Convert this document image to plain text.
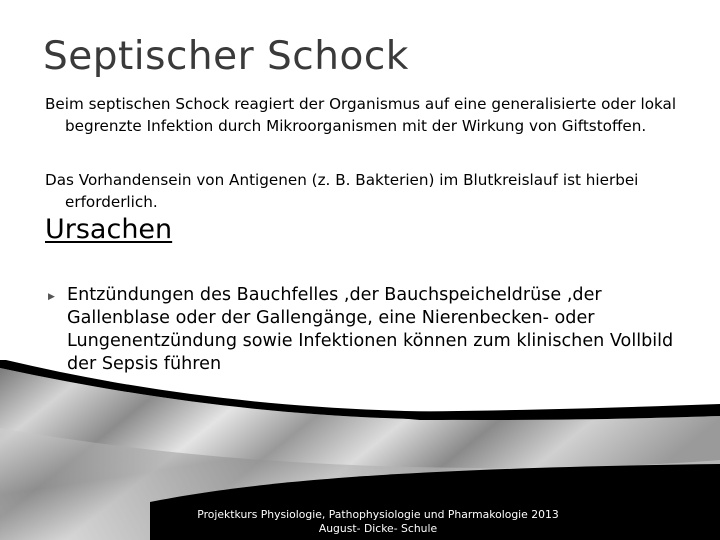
Septischer Schock
Beim septischen Schock reagiert der Organismus auf eine generalisierte oder lokal begrenzte Infektion durch Mikroorganismen mit der Wirkung von Giftstoffen.
Das Vorhandensein von Antigenen (z. B. Bakterien) im Blutkreislauf ist hierbei erforderlich.
Ursachen
▶ Entzündungen des Bauchfelles ,der Bauchspeicheldrüse ,der Gallenblase oder der Gallengänge, eine Nierenbecken- oder Lungenentzündung sowie Infektionen können zum klinischen Vollbild der Sepsis führen
Projektkurs Physiologie, Pathophysiologie und Pharmakologie 2013
August- Dicke- Schule
